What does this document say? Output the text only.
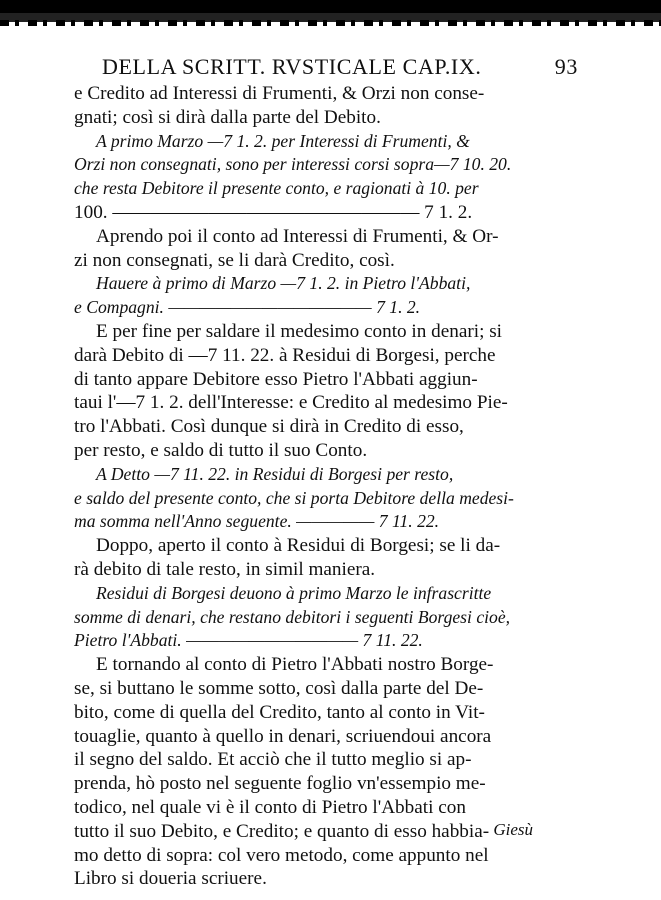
DELLA SCRITT. RVSTICALE CAP.IX.	93
e Credito ad Interessi di Frumenti, & Orzi non conse-
gnati; così si dirà dalla parte del Debito.
A primo Marzo —7 1. 2. per Interessi di Frumenti, &
Orzi non consegnati, sono per interessi corsi sopra—7 10. 20.
che resta Debitore il presente conto, e ragionati à 10. per
100. ———————————————— 7 1. 2.
Aprendo poi il conto ad Interessi di Frumenti, & Or-
zi non consegnati, se li darà Credito, così.
Hauere à primo di Marzo —7 1. 2. in Pietro l'Abbati,
e Compagni. ————————————— 7 1. 2.
E per fine per saldare il medesimo conto in denari; si
darà Debito di —7 11. 22. à Residui di Borgesi, perche
di tanto appare Debitore esso Pietro l'Abbati aggiun-
taui l'—7 1. 2. dell'Interesse: e Credito al medesimo Pie-
tro l'Abbati. Così dunque si dirà in Credito di esso,
per resto, e saldo di tutto il suo Conto.
A Detto —7 11. 22. in Residui di Borgesi per resto,
e saldo del presente conto, che si porta Debitore della medesi-
ma somma nell'Anno seguente. ————— 7 11. 22.
Doppo, aperto il conto à Residui di Borgesi; se li da-
rà debito di tale resto, in simil maniera.
Residui di Borgesi deuono à primo Marzo le infrascritte
somme di denari, che restano debitori i seguenti Borgesi cioè,
Pietro l'Abbati. ——————————— 7 11. 22.
E tornando al conto di Pietro l'Abbati nostro Borge-
se, si buttano le somme sotto, così dalla parte del De-
bito, come di quella del Credito, tanto al conto in Vit-
touaglie, quanto à quello in denari, scriuendoui ancora
il segno del saldo. Et acciò che il tutto meglio si ap-
prenda, hò posto nel seguente foglio vn'essempio me-
todico, nel quale vi è il conto di Pietro l'Abbati con
tutto il suo Debito, e Credito; e quanto di esso habbia-
mo detto di sopra: col vero metodo, come appunto nel
Libro si doueria scriuere.
Giesù
